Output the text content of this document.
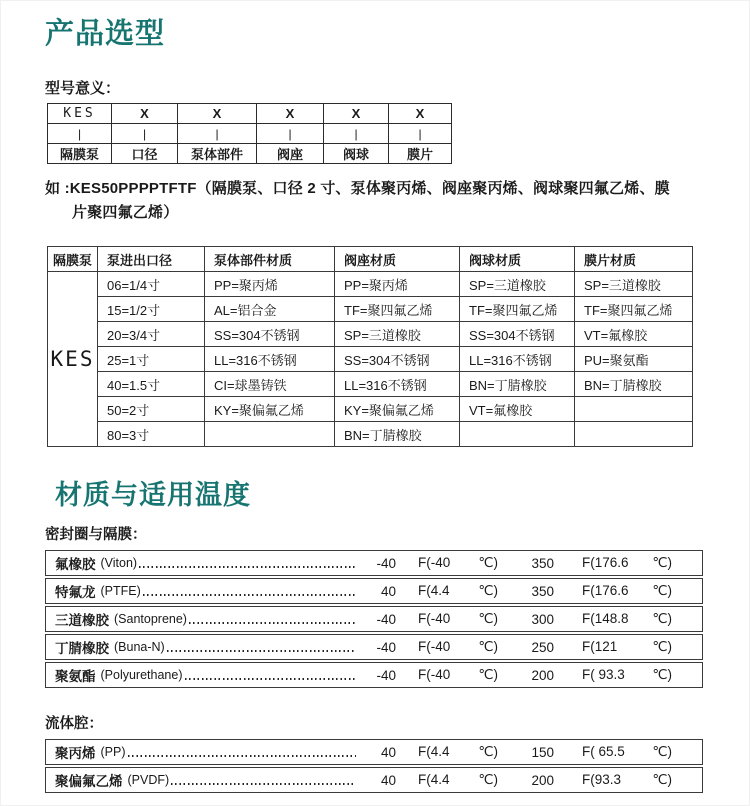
产品选型
型号意义：
KES	X	X	X	X	X
|	|	|	|	|	|
隔膜泵	口径	泵体部件	阀座	阀球	膜片
如 :KES50PPPPTFTF（隔膜泵、口径 2 寸、泵体聚丙烯、阀座聚丙烯、阀球聚四氟乙烯、膜
片聚四氟乙烯）
隔膜泵	泵进出口径	泵体部件材质	阀座材质	阀球材质	膜片材质
KES	06=1/4寸	PP=聚丙烯	PP=聚丙烯	SP=三道橡胶	SP=三道橡胶
	15=1/2寸	AL=铝合金	TF=聚四氟乙烯	TF=聚四氟乙烯	TF=聚四氟乙烯
	20=3/4寸	SS=304不锈钢	SP=三道橡胶	SS=304不锈钢	VT=氟橡胶
	25=1寸	LL=316不锈钢	SS=304不锈钢	LL=316不锈钢	PU=聚氨酯
	40=1.5寸	CI=球墨铸铁	LL=316不锈钢	BN=丁腈橡胶	BN=丁腈橡胶
	50=2寸	KY=聚偏氟乙烯	KY=聚偏氟乙烯	VT=氟橡胶	
	80=3寸		BN=丁腈橡胶		
材质与适用温度
密封圈与隔膜：
氟橡胶 (Viton)	-40 F(-40 ℃)	350 F(176.6 ℃)
特氟龙 (PTFE)	40 F(4.4 ℃)	350 F(176.6 ℃)
三道橡胶 (Santoprene)	-40 F(-40 ℃)	300 F(148.8 ℃)
丁腈橡胶 (Buna-N)	-40 F(-40 ℃)	250 F(121	℃)
聚氨酯 (Polyurethane)	-40 F(-40 ℃)	200 F( 93.3 ℃)
流体腔：
聚丙烯 (PP)	40 F(4.4 ℃)	150 F( 65.5 ℃)
聚偏氟乙烯 (PVDF)	40 F(4.4 ℃)	200 F(93.3 ℃)
